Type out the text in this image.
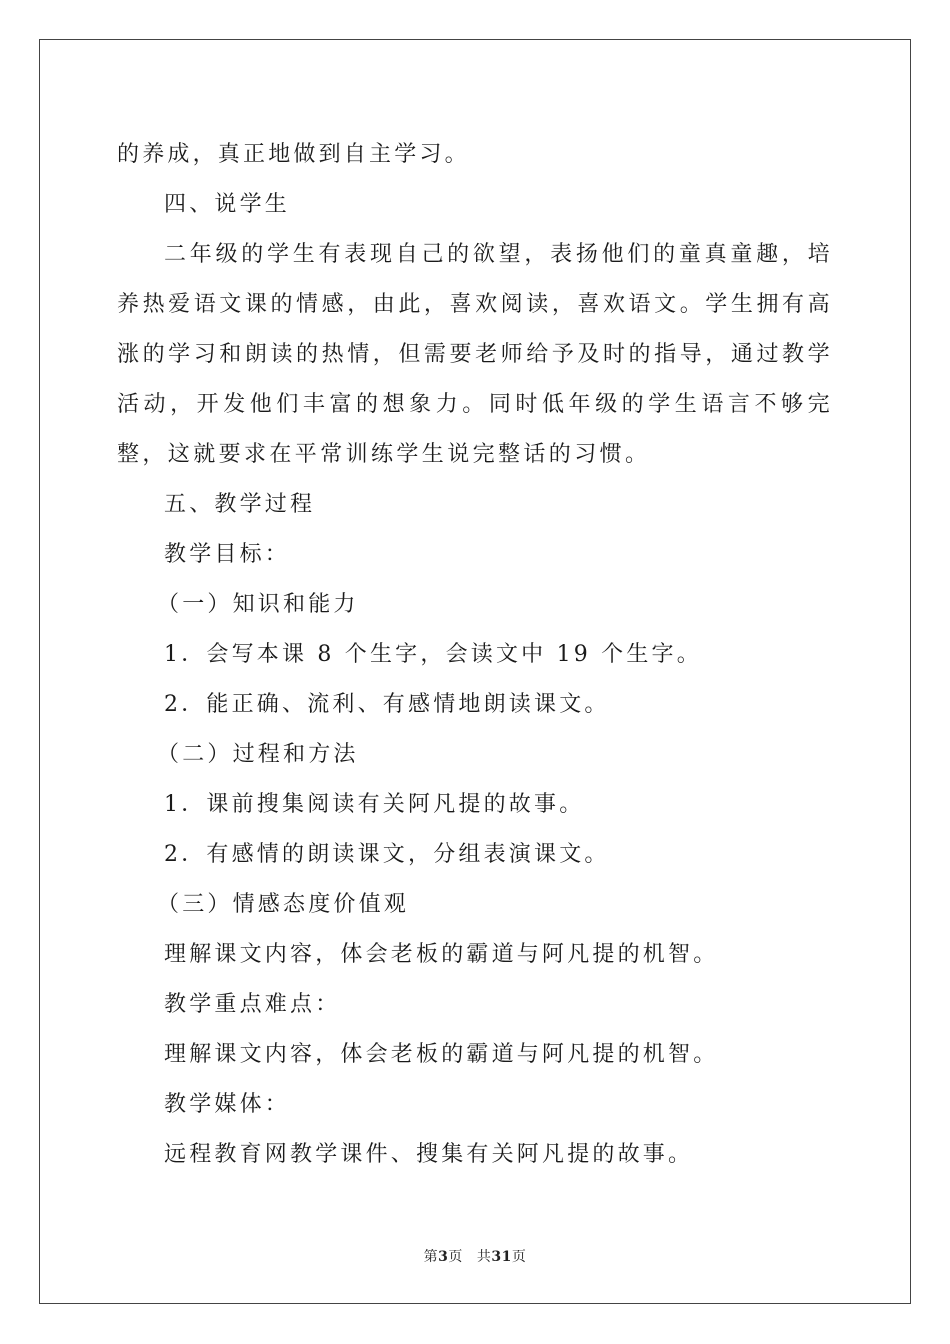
的养成，真正地做到自主学习。

四、说学生

二年级的学生有表现自己的欲望，表扬他们的童真童趣，培养热爱语文课的情感，由此，喜欢阅读，喜欢语文。学生拥有高涨的学习和朗读的热情，但需要老师给予及时的指导，通过教学活动，开发他们丰富的想象力。同时低年级的学生语言不够完整，这就要求在平常训练学生说完整话的习惯。

五、教学过程

教学目标：

（一）知识和能力

1．会写本课 8 个生字，会读文中 19 个生字。

2．能正确、流利、有感情地朗读课文。

（二）过程和方法

1．课前搜集阅读有关阿凡提的故事。

2．有感情的朗读课文，分组表演课文。

（三）情感态度价值观

理解课文内容，体会老板的霸道与阿凡提的机智。

教学重点难点：

理解课文内容，体会老板的霸道与阿凡提的机智。

教学媒体：

远程教育网教学课件、搜集有关阿凡提的故事。

第3页 共31页
